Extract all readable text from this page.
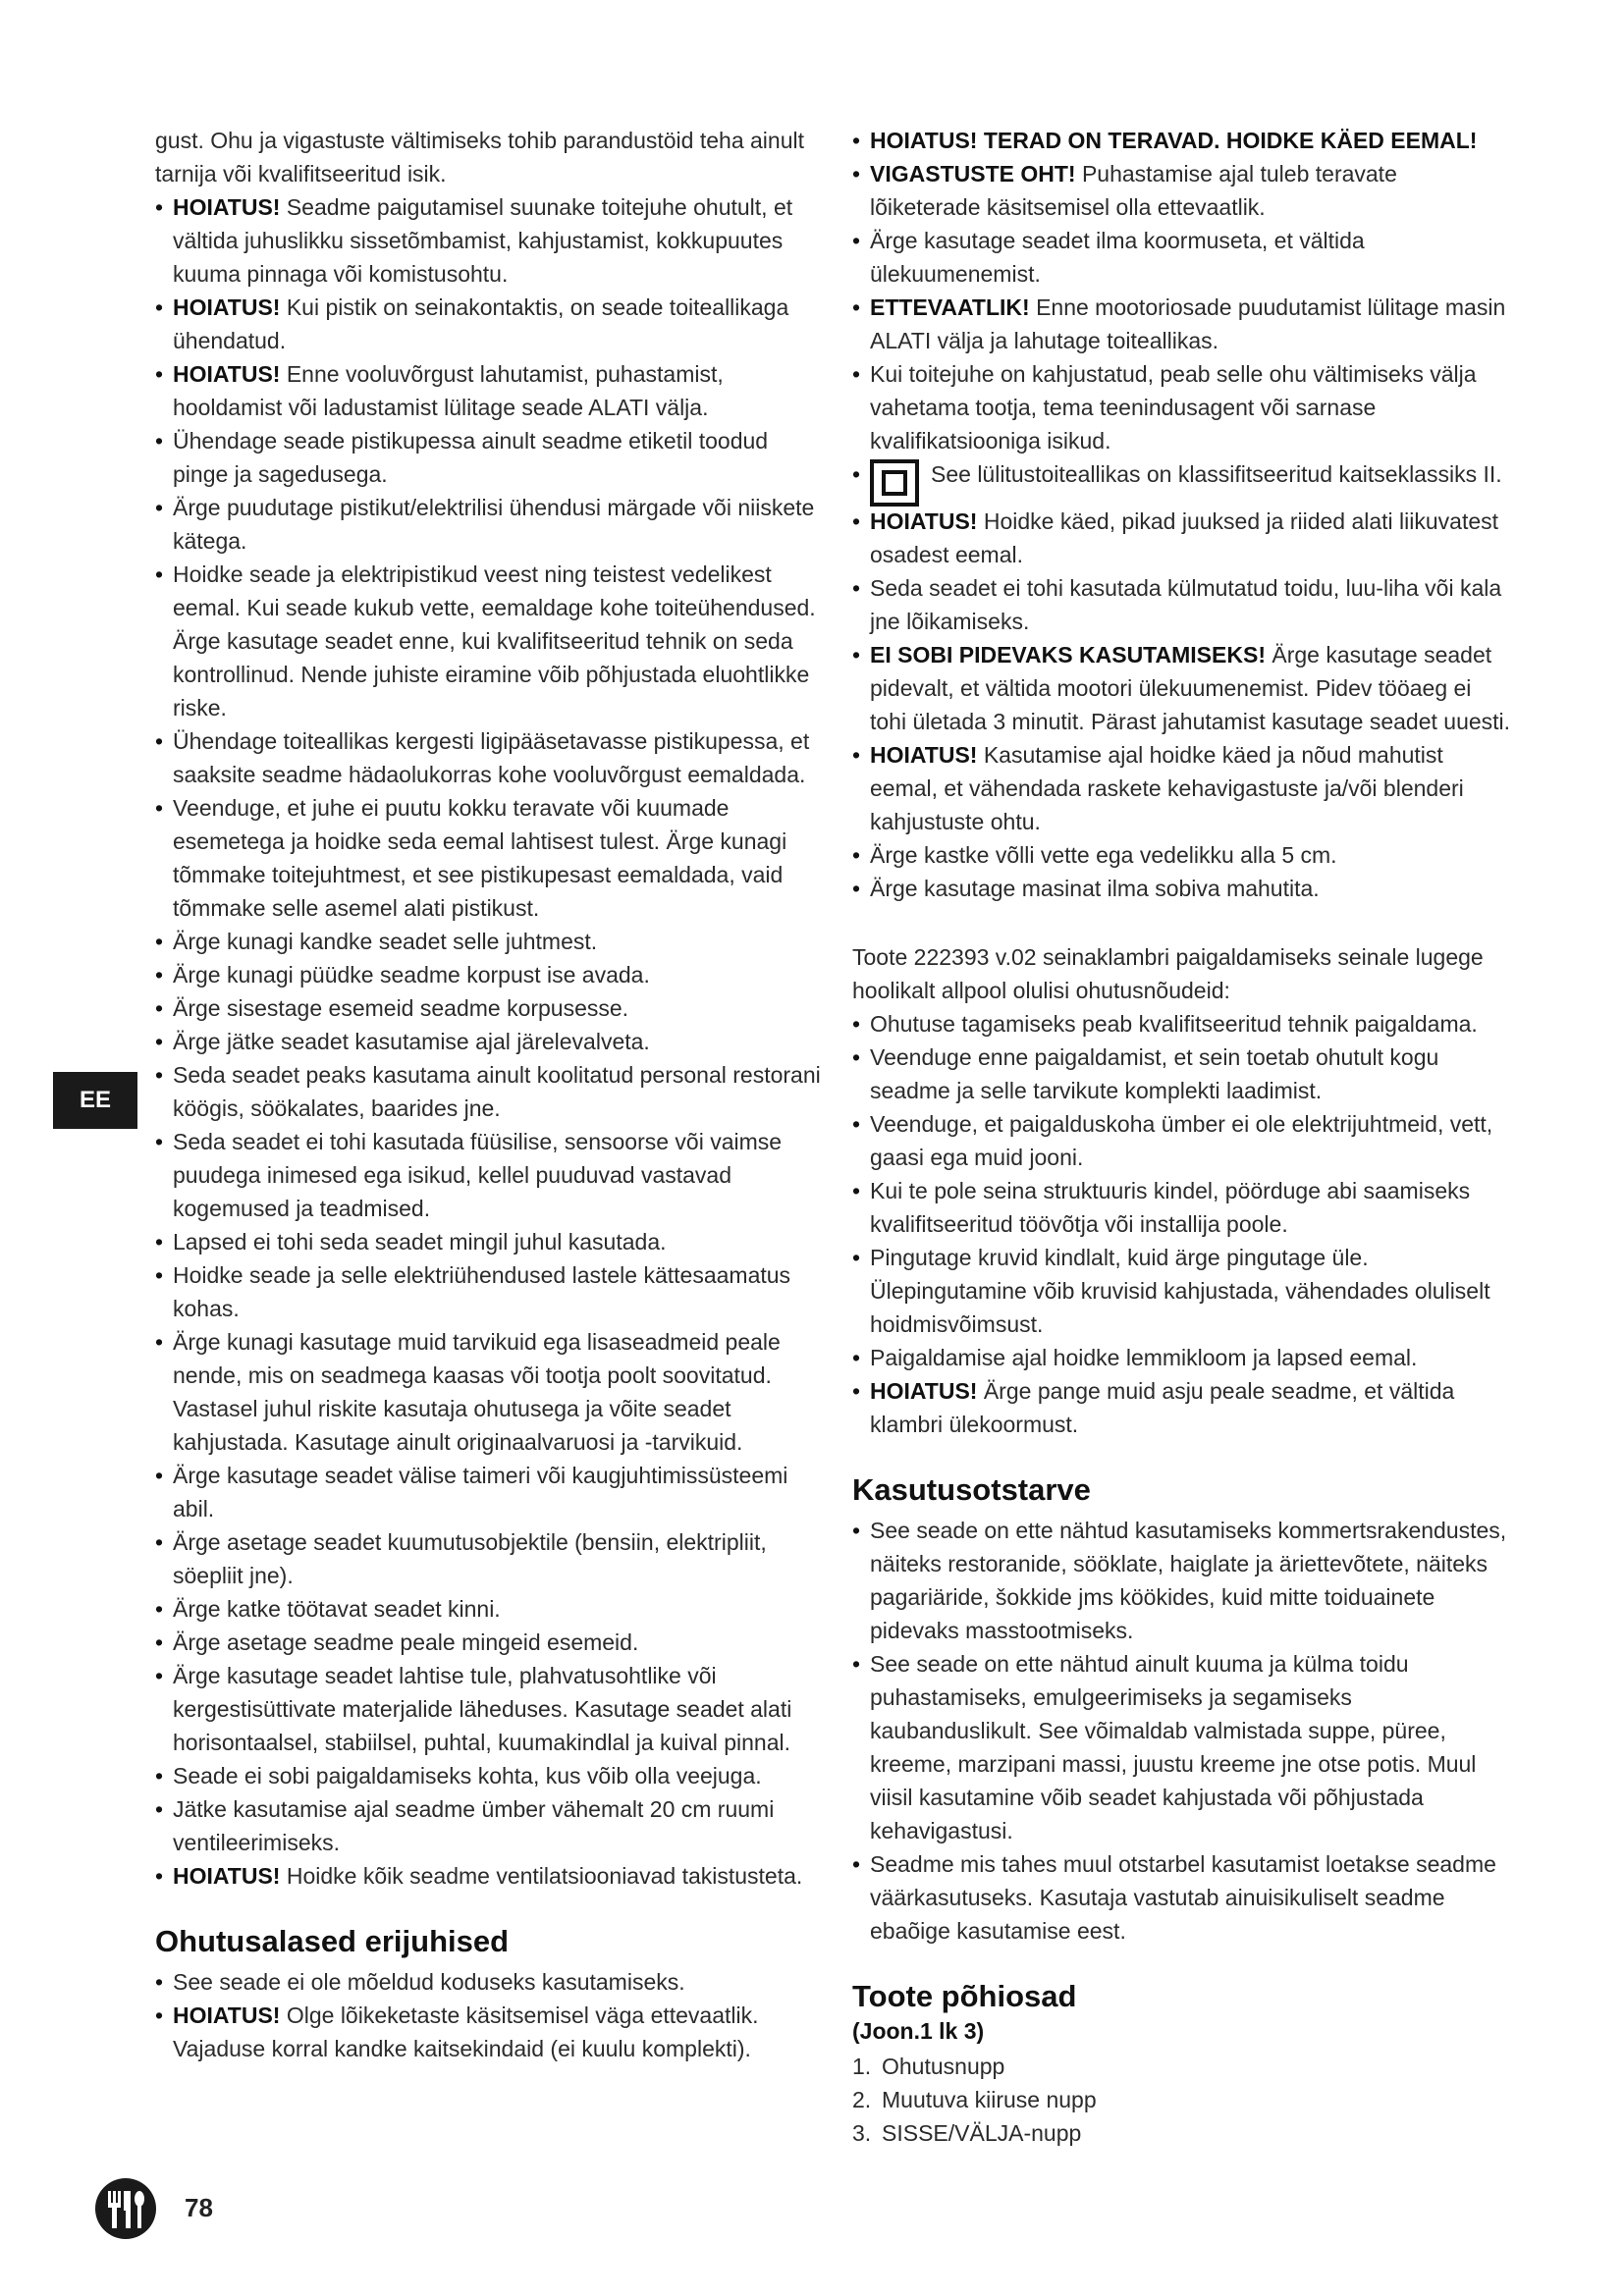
gust. Ohu ja vigastuste vältimiseks tohib parandustöid teha ainult tarnija või kvalifitseeritud isik.

• HOIATUS! Seadme paigutamisel suunake toitejuhe ohutult, et vältida juhuslikku sissetõmbamist, kahjustamist, kokkupuutes kuuma pinnaga või komistusohtu.
• HOIATUS! Kui pistik on seinakontaktis, on seade toiteallikaga ühendatud.
• HOIATUS! Enne vooluvõrgust lahutamist, puhastamist, hooldamist või ladustamist lülitage seade ALATI välja.
• Ühendage seade pistikupessa ainult seadme etiketil toodud pinge ja sagedusega.
• Ärge puudutage pistikut/elektrilisi ühendusi märgade või niiskete kätega.
• Hoidke seade ja elektripistikud veest ning teistest vedelikest eemal. Kui seade kukub vette, eemaldage kohe toiteühendused. Ärge kasutage seadet enne, kui kvalifitseeritud tehnik on seda kontrollinud. Nende juhiste eiramine võib põhjustada eluohtlikke riske.
• Ühendage toiteallikas kergesti ligipääsetavasse pistikupessa, et saaksite seadme hädaolukorras kohe vooluvõrgust eemaldada.
• Veenduge, et juhe ei puutu kokku teravate või kuumade esemetega ja hoidke seda eemal lahtisest tulest. Ärge kunagi tõmmake toitejuhtmest, et see pistikupesast eemaldada, vaid tõmmake selle asemel alati pistikust.
• Ärge kunagi kandke seadet selle juhtmest.
• Ärge kunagi püüdke seadme korpust ise avada.
• Ärge sisestage esemeid seadme korpusesse.
• Ärge jätke seadet kasutamise ajal järelevalveta.
• Seda seadet peaks kasutama ainult koolitatud personal restorani köögis, söökalates, baarides jne.
• Seda seadet ei tohi kasutada füüsilise, sensoorse või vaimse puudega inimesed ega isikud, kellel puuduvad vastavad kogemused ja teadmised.
• Lapsed ei tohi seda seadet mingil juhul kasutada.
• Hoidke seade ja selle elektriühendused lastele kättesaamatus kohas.
• Ärge kunagi kasutage muid tarvikuid ega lisaseadmeid peale nende, mis on seadmega kaasas või tootja poolt soovitatud. Vastasel juhul riskite kasutaja ohutusega ja võite seadet kahjustada. Kasutage ainult originaalvaruosi ja -tarvikuid.
• Ärge kasutage seadet välise taimeri või kaugjuhtimissüsteemi abil.
• Ärge asetage seadet kuumutusobjektile (bensiin, elektripliit, söepliit jne).
• Ärge katke töötavat seadet kinni.
• Ärge asetage seadme peale mingeid esemeid.
• Ärge kasutage seadet lahtise tule, plahvatusohtlike või kergestisüttivate materjalide läheduses. Kasutage seadet alati horisontaalsel, stabiilsel, puhtal, kuumakindlal ja kuival pinnal.
• Seade ei sobi paigaldamiseks kohta, kus võib olla veejuga.
• Jätke kasutamise ajal seadme ümber vähemalt 20 cm ruumi ventileerimiseks.
• HOIATUS! Hoidke kõik seadme ventilatsiooniavad takistusteta.
Ohutusalased erijuhised
• See seade ei ole mõeldud koduseks kasutamiseks.
• HOIATUS! Olge lõikeketaste käsitsemisel väga ettevaatlik. Vajaduse korral kandke kaitsekindaid (ei kuulu komplekti).
• HOIATUS! TERAD ON TERAVAD. HOIDKE KÄED EEMAL!
• VIGASTUSTE OHT! Puhastamise ajal tuleb teravate lõiketerade käsitsemisel olla ettevaatlik.
• Ärge kasutage seadet ilma koormuseta, et vältida ülekuumenemist.
• ETTEVAATLIK! Enne mootoriosade puudutamist lülitage masin ALATI välja ja lahutage toiteallikas.
• Kui toitejuhe on kahjustatud, peab selle ohu vältimiseks välja vahetama tootja, tema teenindusagent või sarnase kvalifikatsiooniga isikud.
• See lülitustoiteallikas on klassifitseeritud kaitseklassiks II.
• HOIATUS! Hoidke käed, pikad juuksed ja riided alati liikuvatest osadest eemal.
• Seda seadet ei tohi kasutada külmutatud toidu, luu-liha või kala jne lõikamiseks.
• EI SOBI PIDEVAKS KASUTAMISEKS! Ärge kasutage seadet pidevalt, et vältida mootori ülekuumenemist. Pidev tööaeg ei tohi ületada 3 minutit. Pärast jahutamist kasutage seadet uuesti.
• HOIATUS! Kasutamise ajal hoidke käed ja nõud mahutist eemal, et vähendada raskete kehavigastuste ja/või blenderi kahjustuste ohtu.
• Ärge kastke võlli vette ega vedelikku alla 5 cm.
• Ärge kasutage masinat ilma sobiva mahutita.

Toote 222393 v.02 seinaklambri paigaldamiseks seinale lugege hoolikalt allpool olulisi ohutusnõudeid:

• Ohutuse tagamiseks peab kvalifitseeritud tehnik paigaldama.
• Veenduge enne paigaldamist, et sein toetab ohutult kogu seadme ja selle tarvikute komplekti laadimist.
• Veenduge, et paigalduskoha ümber ei ole elektrijuhtmeid, vett, gaasi ega muid jooni.
• Kui te pole seina struktuuris kindel, pöörduge abi saamiseks kvalifitseeritud töövõtja või installija poole.
• Pingutage kruvid kindlalt, kuid ärge pingutage üle. Ülepingutamine võib kruvisid kahjustada, vähendades oluliselt hoidmisvõimsust.
• Paigaldamise ajal hoidke lemmikloom ja lapsed eemal.
• HOIATUS! Ärge pange muid asju peale seadme, et vältida klambri ülekoormust.
Kasutusotstarve
• See seade on ette nähtud kasutamiseks kommertsrakendustes, näiteks restoranide, sööklate, haiglate ja äriettevõtete, näiteks pagariäride, šokkide jms köökides, kuid mitte toiduainete pidevaks masstootmiseks.
• See seade on ette nähtud ainult kuuma ja külma toidu puhastamiseks, emulgeerimiseks ja segamiseks kaubanduslikult. See võimaldab valmistada suppe, püree, kreeme, marzipani massi, juustu kreeme jne otse potis. Muul viisil kasutamine võib seadet kahjustada või põhjustada kehavigastusi.
• Seadme mis tahes muul otstarbel kasutamist loetakse seadme väärkasutuseks. Kasutaja vastutab ainuisikuliselt seadme ebaõige kasutamise eest.
Toote põhiosad
(Joon.1 lk 3)
1. Ohutusnupp
2. Muutuva kiiruse nupp
3. SISSE/VÄLJA-nupp
EE
78
